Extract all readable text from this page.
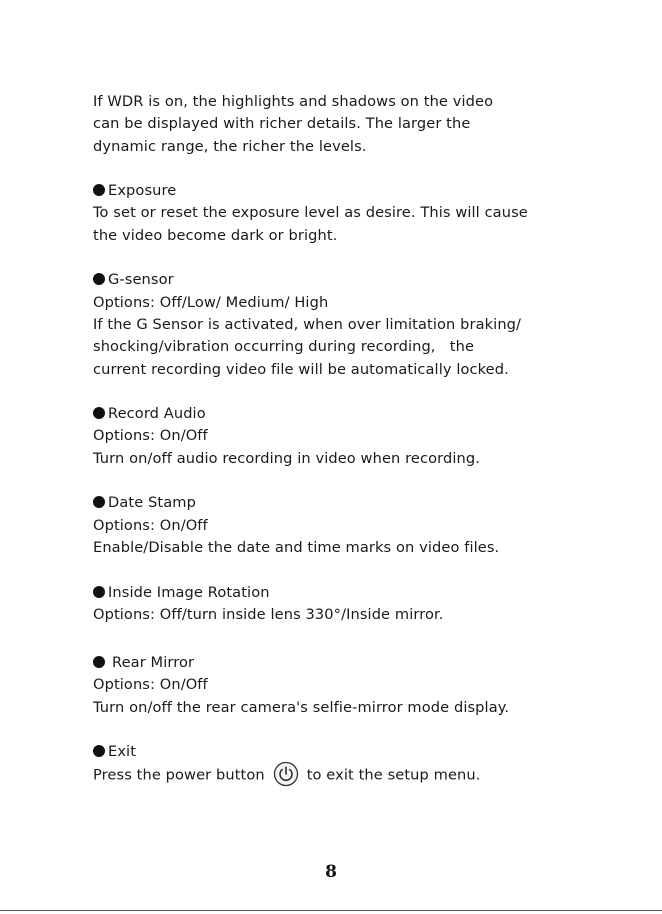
If WDR is on, the highlights and shadows on the video
can be displayed with richer details. The larger the
dynamic range, the richer the levels.
Exposure
To set or reset the exposure level as desire. This will cause
the video become dark or bright.
G-sensor
Options: Off/Low/ Medium/ High
If the G Sensor is activated, when over limitation braking/
shocking/vibration occurring during recording,   the
current recording video file will be automatically locked.
Record Audio
Options: On/Off
Turn on/off audio recording in video when recording.
Date Stamp
Options: On/Off
Enable/Disable the date and time marks on video files.
Inside Image Rotation
Options: Off/turn inside lens 330°/Inside mirror.
Rear Mirror
Options: On/Off
Turn on/off the rear camera's selfie-mirror mode display.
Exit
Press the power button	to exit the setup menu.
8
